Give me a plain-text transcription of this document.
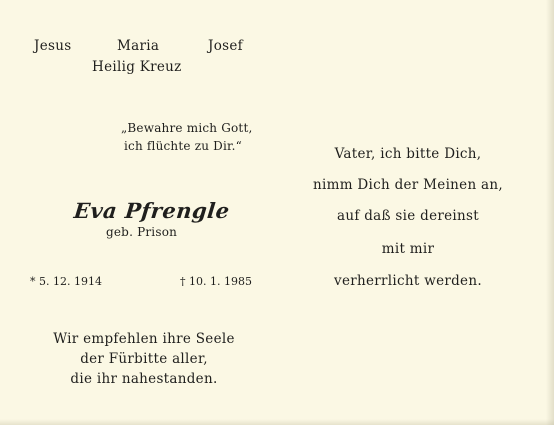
Jesus	Maria	Josef
Heilig Kreuz
„Bewahre mich Gott,
ich flüchte zu Dir.“
Eva Pfrengle
geb. Prison
* 5. 12. 1914	† 10. 1. 1985
Wir empfehlen ihre Seele
der Fürbitte aller,
die ihr nahestanden.
Vater, ich bitte Dich,
nimm Dich der Meinen an,
auf daß sie dereinst
mit mir
verherrlicht werden.
